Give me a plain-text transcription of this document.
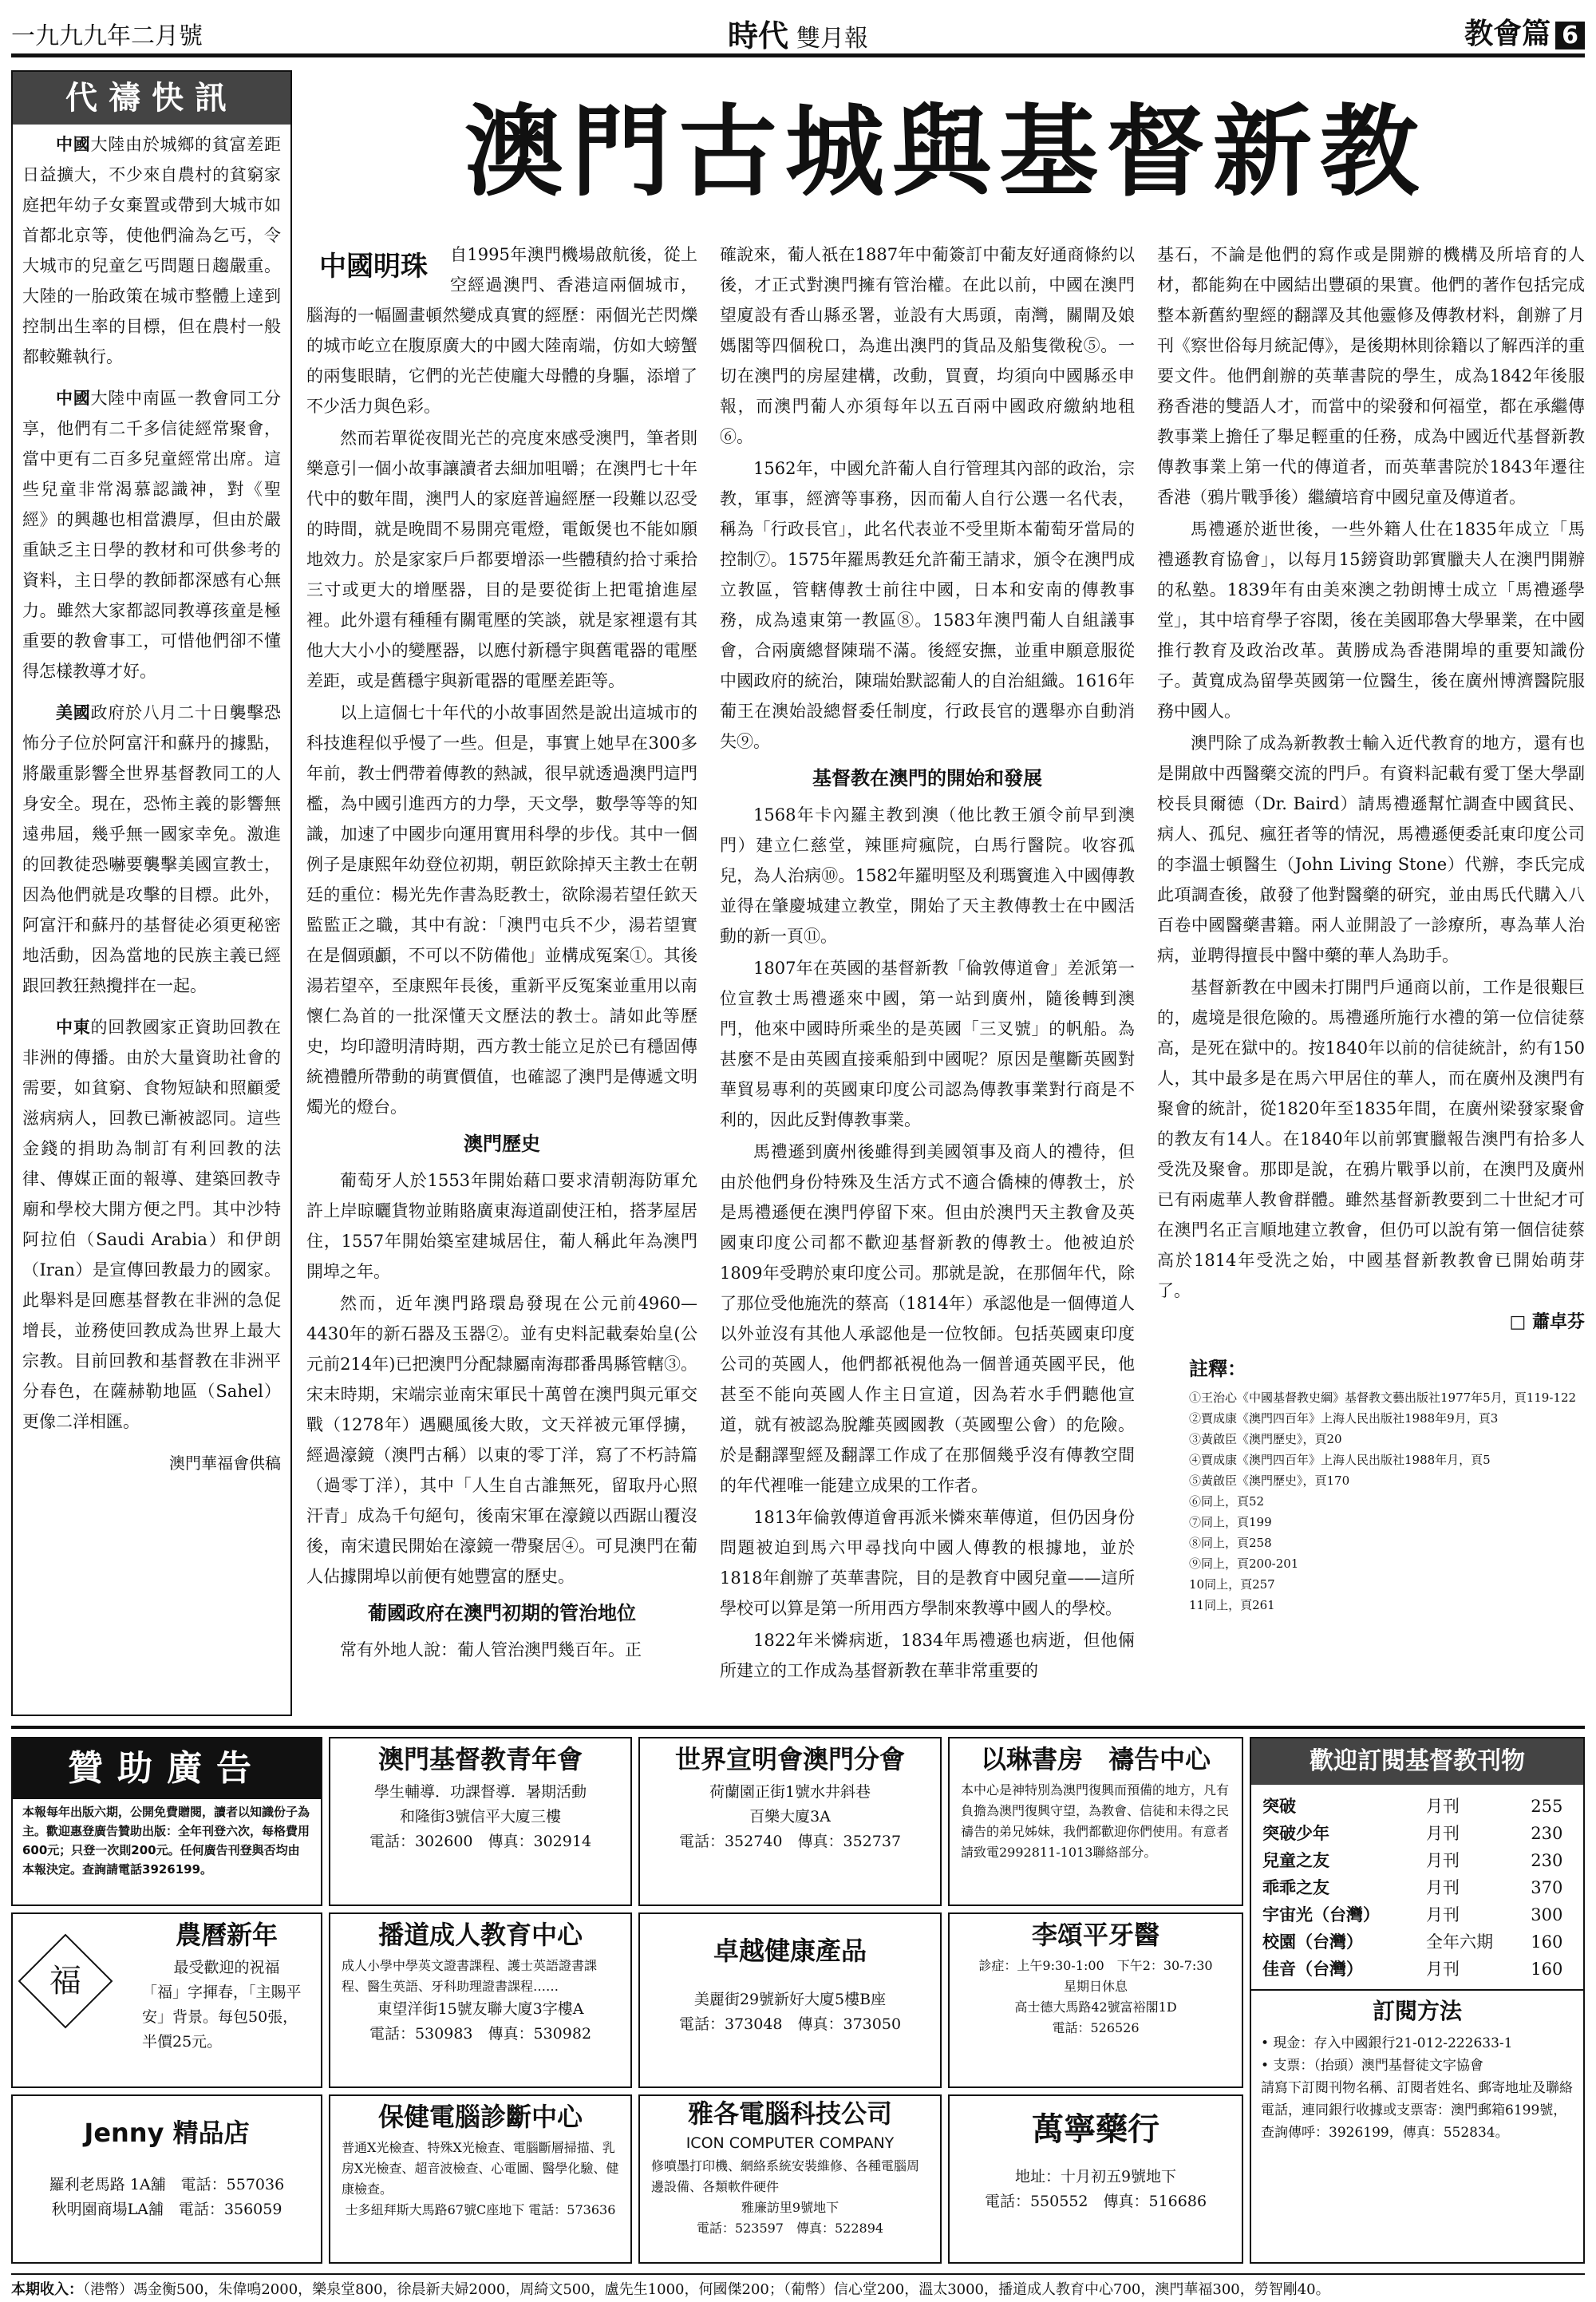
一九九九年二月號	時代 雙月報	教會篇 6
代禱快訊

中國大陸由於城鄉的貧富差距日益擴大，不少來自農村的貧窮家庭把年幼子女棄置或帶到大城市如首都北京等，使他們淪為乞丐，令大城市的兒童乞丐問題日趨嚴重。大陸的一胎政策在城市整體上達到控制出生率的目標，但在農村一般都較難執行。

中國大陸中南區一教會同工分享，他們有二千多信徒經常聚會，當中更有二百多兒童經常出席。這些兒童非常渴慕認識神，對《聖經》的興趣也相當濃厚，但由於嚴重缺乏主日學的教材和可供參考的資料，主日學的教師都深感有心無力。雖然大家都認同教導孩童是極重要的教會事工，可惜他們卻不懂得怎樣教導才好。

美國政府於八月二十日襲擊恐怖分子位於阿富汗和蘇丹的據點，將嚴重影響全世界基督教同工的人身安全。現在，恐怖主義的影響無遠弗屆，幾乎無一國家幸免。激進的回教徒恐嚇要襲擊美國宣教士，因為他們就是攻擊的目標。此外，阿富汗和蘇丹的基督徒必須更秘密地活動，因為當地的民族主義已經跟回教狂熱攪拌在一起。

中東的回教國家正資助回教在非洲的傳播。由於大量資助社會的需要，如貧窮、食物短缺和照顧愛滋病病人，回教已漸被認同。這些金錢的捐助為制訂有利回教的法律、傳媒正面的報導、建築回教寺廟和學校大開方便之門。其中沙特阿拉伯（Saudi Arabia）和伊朗（Iran）是宣傳回教最力的國家。此舉料是回應基督教在非洲的急促增長，並務使回教成為世界上最大宗教。目前回教和基督教在非洲平分春色，在薩赫勒地區（Sahel）更像二洋相匯。

澳門華福會供稿
澳門古城與基督新教
中國明珠	自1995年澳門機場啟航後，從上空經過澳門、香港這兩個城市，腦海的一幅圖畫頓然變成真實的經歷：兩個光芒閃爍的城市屹立在腹原廣大的中國大陸南端，仿如大螃蟹的兩隻眼睛，它們的光芒使龐大母體的身驅，添增了不少活力與色彩。

然而若單從夜間光芒的亮度來感受澳門，筆者則樂意引一個小故事讓讀者去細加咀嚼；在澳門七十年代中的數年間，澳門人的家庭普遍經歷一段難以忍受的時間，就是晚間不易開亮電燈，電飯煲也不能如願地效力。於是家家戶戶都要增添一些體積約拾寸乘拾三寸或更大的增壓器，目的是要從街上把電搶進屋裡。此外還有種種有關電壓的笑談，就是家裡還有其他大大小小的變壓器，以應付新穩宇與舊電器的電壓差距，或是舊穩宇與新電器的電壓差距等。

以上這個七十年代的小故事固然是說出這城市的科技進程似乎慢了一些。但是，事實上她早在300多年前，教士們帶着傳教的熱誠，很早就透過澳門這門檻，為中國引進西方的力學，天文學，數學等等的知識，加速了中國步向運用實用科學的步伐。其中一個例子是康熙年幼登位初期，朝臣欽除掉天主教士在朝廷的重位：楊光先作書為貶教士，欲除湯若望任欽天監監正之職，其中有說：「澳門屯兵不少，湯若望實在是個頭顱，不可以不防備他」並構成冤案①。其後湯若望卒，至康熙年長後，重新平反冤案並重用以南懷仁為首的一批深懂天文歷法的教士。請如此等歷史，均印證明清時期，西方教士能立足於已有穩固傳統禮體所帶動的萌實價值，也確認了澳門是傳遞文明燭光的燈台。

澳門歷史

葡萄牙人於1553年開始藉口要求清朝海防軍允許上岸晾曬貨物並賄賂廣東海道副使汪柏，搭茅屋居住，1557年開始築室建城居住，葡人稱此年為澳門開埠之年。

然而，近年澳門路環島發現在公元前4960—4430年的新石器及玉器②。並有史料記載秦始皇(公元前214年)已把澳門分配隸屬南海郡番禺縣管轄③。宋末時期，宋端宗並南宋軍民十萬曾在澳門與元軍交戰（1278年）遇颶風後大敗，文天祥被元軍俘擄，經過濠鏡（澳門古稱）以東的零丁洋，寫了不朽詩篇（過零丁洋），其中「人生自古誰無死，留取丹心照汗青」成為千句絕句，後南宋軍在濠鏡以西踞山覆沒後，南宋遺民開始在濠鏡一帶聚居④。可見澳門在葡人佔據開埠以前便有她豐富的歷史。

葡國政府在澳門初期的管治地位

常有外地人說：葡人管治澳門幾百年。正

確說來，葡人祇在1887年中葡簽訂中葡友好通商條約以後，才正式對澳門擁有管治權。在此以前，中國在澳門望廈設有香山縣丞署，並設有大馬頭，南灣，關閘及娘媽閣等四個稅口，為進出澳門的貨品及船隻徵稅⑤。一切在澳門的房屋建構，改動，買賣，均須向中國縣丞申報，而澳門葡人亦須每年以五百兩中國政府繳納地租⑥。

1562年，中國允許葡人自行管理其內部的政治，宗教，軍事，經濟等事務，因而葡人自行公選一名代表，稱為「行政長官」，此名代表並不受里斯本葡萄牙當局的控制⑦。1575年羅馬教廷允許葡王請求，頒令在澳門成立教區，管轄傳教士前往中國，日本和安南的傳教事務，成為遠東第一教區⑧。1583年澳門葡人自組議事會，合兩廣總督陳瑞不滿。後經安撫，並重申願意服從中國政府的統治，陳瑞始默認葡人的自治組織。1616年葡王在澳始設總督委任制度，行政長官的選舉亦自動消失⑨。

基督教在澳門的開始和發展

1568年卡內羅主教到澳（他比教王頒令前早到澳門）建立仁慈堂，辣匪疴瘋院，白馬行醫院。收容孤兒，為人治病⑩。1582年羅明堅及利瑪竇進入中國傳教並得在肇慶城建立教堂，開始了天主教傳教士在中國活動的新一頁⑪。

1807年在英國的基督新教「倫敦傳道會」差派第一位宣教士馬禮遜來中國，第一站到廣州，隨後轉到澳門，他來中國時所乘坐的是英國「三叉號」的帆船。為甚麼不是由英國直接乘船到中國呢？原因是壟斷英國對華貿易專利的英國東印度公司認為傳教事業對行商是不利的，因此反對傳教事業。

馬禮遜到廣州後雖得到美國領事及商人的禮待，但由於他們身份特殊及生活方式不適合僑棟的傳教士，於是馬禮遜便在澳門停留下來。但由於澳門天主教會及英國東印度公司都不歡迎基督新教的傳教士。他被迫於1809年受聘於東印度公司。那就是說，在那個年代，除了那位受他施洗的蔡高（1814年）承認他是一個傳道人以外並沒有其他人承認他是一位牧師。包括英國東印度公司的英國人，他們都祇視他為一個普通英國平民，他甚至不能向英國人作主日宣道，因為若水手們聽他宣道，就有被認為脫離英國國教（英國聖公會）的危險。於是翻譯聖經及翻譯工作成了在那個幾乎沒有傳教空間的年代裡唯一能建立成果的工作者。

1813年倫敦傳道會再派米憐來華傳道，但仍因身份問題被迫到馬六甲尋找向中國人傳教的根據地，並於1818年創辦了英華書院，目的是教育中國兒童——這所學校可以算是第一所用西方學制來教導中國人的學校。

1822年米憐病逝，1834年馬禮遜也病逝，但他倆所建立的工作成為基督新教在華非常重要的

基石，不論是他們的寫作或是開辦的機構及所培育的人材，都能夠在中國結出豐碩的果實。他們的著作包括完成整本新舊約聖經的翻譯及其他靈修及傳教材料，創辦了月刊《察世俗每月統記傳》，是後期林則徐籍以了解西洋的重要文件。他們創辦的英華書院的學生，成為1842年後服務香港的雙語人才，而當中的梁發和何福堂，都在承繼傳教事業上擔任了舉足輕重的任務，成為中國近代基督新教傳教事業上第一代的傳道者，而英華書院於1843年遷往香港（鴉片戰爭後）繼續培育中國兒童及傳道者。

馬禮遜於逝世後，一些外籍人仕在1835年成立「馬禮遜教育協會」，以每月15鎊資助郭實臘夫人在澳門開辦的私塾。1839年有由美來澳之勃朗博士成立「馬禮遜學堂」，其中培育學子容閎，後在美國耶魯大學畢業，在中國推行教育及政治改革。黃勝成為香港開埠的重要知識份子。黃寬成為留學英國第一位醫生，後在廣州博濟醫院服務中國人。

澳門除了成為新教教士輸入近代教育的地方，還有也是開啟中西醫藥交流的門戶。有資料記載有愛丁堡大學副校長貝爾德（Dr. Baird）請馬禮遜幫忙調查中國貧民、病人、孤兒、瘋狂者等的情況，馬禮遜便委託東印度公司的李溫士頓醫生（John Living Stone）代辦，李氏完成此項調查後，啟發了他對醫藥的研究，並由馬氏代購入八百卷中國醫藥書籍。兩人並開設了一診療所，專為華人治病，並聘得擅長中醫中藥的華人為助手。

基督新教在中國未打開門戶通商以前，工作是很艱巨的，處境是很危險的。馬禮遜所施行水禮的第一位信徒蔡高，是死在獄中的。按1840年以前的信徒統計，約有150人，其中最多是在馬六甲居住的華人，而在廣州及澳門有聚會的統計，從1820年至1835年間，在廣州梁發家聚會的教友有14人。在1840年以前郭實臘報告澳門有拾多人受洗及聚會。那即是說，在鴉片戰爭以前，在澳門及廣州已有兩處華人教會群體。雖然基督新教要到二十世紀才可在澳門名正言順地建立教會，但仍可以說有第一個信徒蔡高於1814年受洗之始，中國基督新教教會已開始萌芽了。

□ 蕭卓芬
註釋：
①王治心《中國基督教史綱》基督教文藝出版社1977年5月，頁119-122
②賈成康《澳門四百年》上海人民出版社1988年9月，頁3
③黃啟臣《澳門歷史》，頁20
④賈成康《澳門四百年》上海人民出版社1988年月，頁5
⑤黃啟臣《澳門歷史》，頁170
⑥同上，頁52
⑦同上，頁199
⑧同上，頁258
⑨同上，頁200-201
10同上，頁257
11同上，頁261
贊助廣告
本報每年出版六期，公開免費贈閱，讀者以知識份子為主。歡迎惠登廣告贊助出版：全年刊登六次，每格費用600元；只登一次則200元。任何廣告刊登與否均由本報決定。查詢請電話3926199。
澳門基督教青年會
學生輔導．功課督導．暑期活動
和隆街3號信平大廈三樓
電話：302600　傳真：302914
世界宣明會澳門分會
荷蘭園正街1號水井斜巷
百樂大廈3A
電話：352740　傳真：352737
以琳書房　禱告中心
本中心是神特別為澳門復興而預備的地方，凡有負擔為澳門復興守望，為教會、信徒和未得之民禱告的弟兄姊妹，我們都歡迎你們使用。有意者請致電2992811-1013聯絡部分。
歡迎訂閱基督教刊物
突破	月刊	255
突破少年	月刊	230
兒童之友	月刊	230
乖乖之友	月刊	370
宇宙光（台灣）	月刊	300
校園（台灣）	全年六期	160
佳音（台灣）	月刊	160
訂閱方法
• 現金：存入中國銀行21-012-222633-1
• 支票：（抬頭）澳門基督徒文字協會
請寫下訂閱刊物名稱、訂閱者姓名、郵寄地址及聯絡電話，連同銀行收據或支票寄：澳門郵箱6199號，查詢傳呼：3926199，傳真：552834。
福
農曆新年
最受歡迎的祝福
「福」字揮春，「主賜平安」背景。每包50張，半價25元。
播道成人教育中心
成人小學中學英文證書課程、護士英語證書課程、醫生英語、牙科助理證書課程……
東望洋街15號友聯大廈3字樓A
電話：530983　傳真：530982
卓越健康產品
美麗街29號新好大廈5樓B座
電話：373048　傳真：373050
李頌平牙醫
診症：上午9:30-1:00　下午2：30-7:30
星期日休息
高士德大馬路42號富裕閣1D
電話：526526
Jenny 精品店
羅利老馬路 1A舖　電話：557036
秋明園商場LA舖　電話：356059
保健電腦診斷中心
普通X光檢查、特殊X光檢查、電腦斷層掃描、乳房X光檢查、超音波檢查、心電圖、醫學化驗、健康檢查。
士多紐拜斯大馬路67號C座地下 電話：573636
雅各電腦科技公司
ICON COMPUTER COMPANY
修噴墨打印機、網絡系統安裝維修、各種電腦周邊設備、各類軟件硬件
雅廉訪里9號地下
電話：523597　傳真：522894
萬寧藥行
地址：十月初五9號地下
電話：550552　傳真：516686
本期收入：（港幣）馮金衡500，朱偉鳴2000，樂泉堂800，徐晨新夫婦2000，周綺文500，盧先生1000，何國傑200；（葡幣）信心堂200，溫太3000，播道成人教育中心700，澳門華福300，勞智剛40。
